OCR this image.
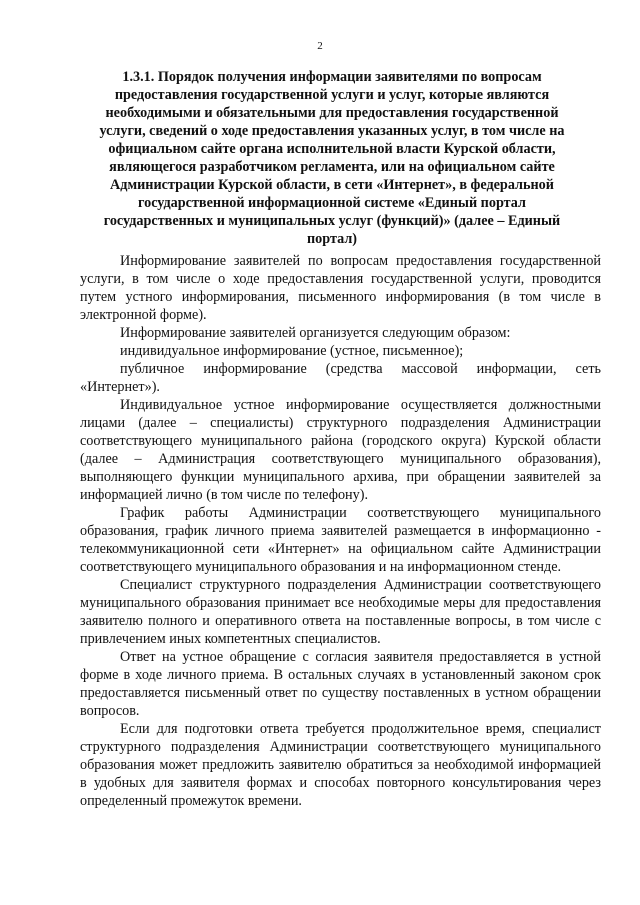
2
1.3.1. Порядок получения информации заявителями по вопросам предоставления государственной услуги и услуг, которые являются необходимыми и обязательными для предоставления государственной услуги, сведений о ходе предоставления указанных услуг, в том числе на официальном сайте органа исполнительной власти Курской области, являющегося разработчиком регламента, или на официальном сайте Администрации Курской области, в сети «Интернет», в федеральной государственной информационной системе «Единый портал государственных и муниципальных услуг (функций)» (далее – Единый портал)

Информирование заявителей по вопросам предоставления государственной услуги, в том числе о ходе предоставления государственной услуги, проводится путем устного информирования, письменного информирования (в том числе в электронной форме).

Информирование заявителей организуется следующим образом:

индивидуальное информирование (устное, письменное);

публичное информирование (средства массовой информации, сеть «Интернет»).

Индивидуальное устное информирование осуществляется должностными лицами (далее – специалисты) структурного подразделения Администрации соответствующего муниципального района (городского округа) Курской области (далее – Администрация соответствующего муниципального образования), выполняющего функции муниципального архива, при обращении заявителей за информацией лично (в том числе по телефону).

График работы Администрации соответствующего муниципального образования, график личного приема заявителей размещается в информационно - телекоммуникационной сети «Интернет» на официальном сайте Администрации соответствующего муниципального образования и на информационном стенде.

Специалист структурного подразделения Администрации соответствующего муниципального образования принимает все необходимые меры для предоставления заявителю полного и оперативного ответа на поставленные вопросы, в том числе с привлечением иных компетентных специалистов.

Ответ на устное обращение с согласия заявителя предоставляется в устной форме в ходе личного приема. В остальных случаях в установленный законом срок предоставляется письменный ответ по существу поставленных в устном обращении вопросов.

Если для подготовки ответа требуется продолжительное время, специалист структурного подразделения Администрации соответствующего муниципального образования может предложить заявителю обратиться за необходимой информацией в удобных для заявителя формах и способах повторного консультирования через определенный промежуток времени.
